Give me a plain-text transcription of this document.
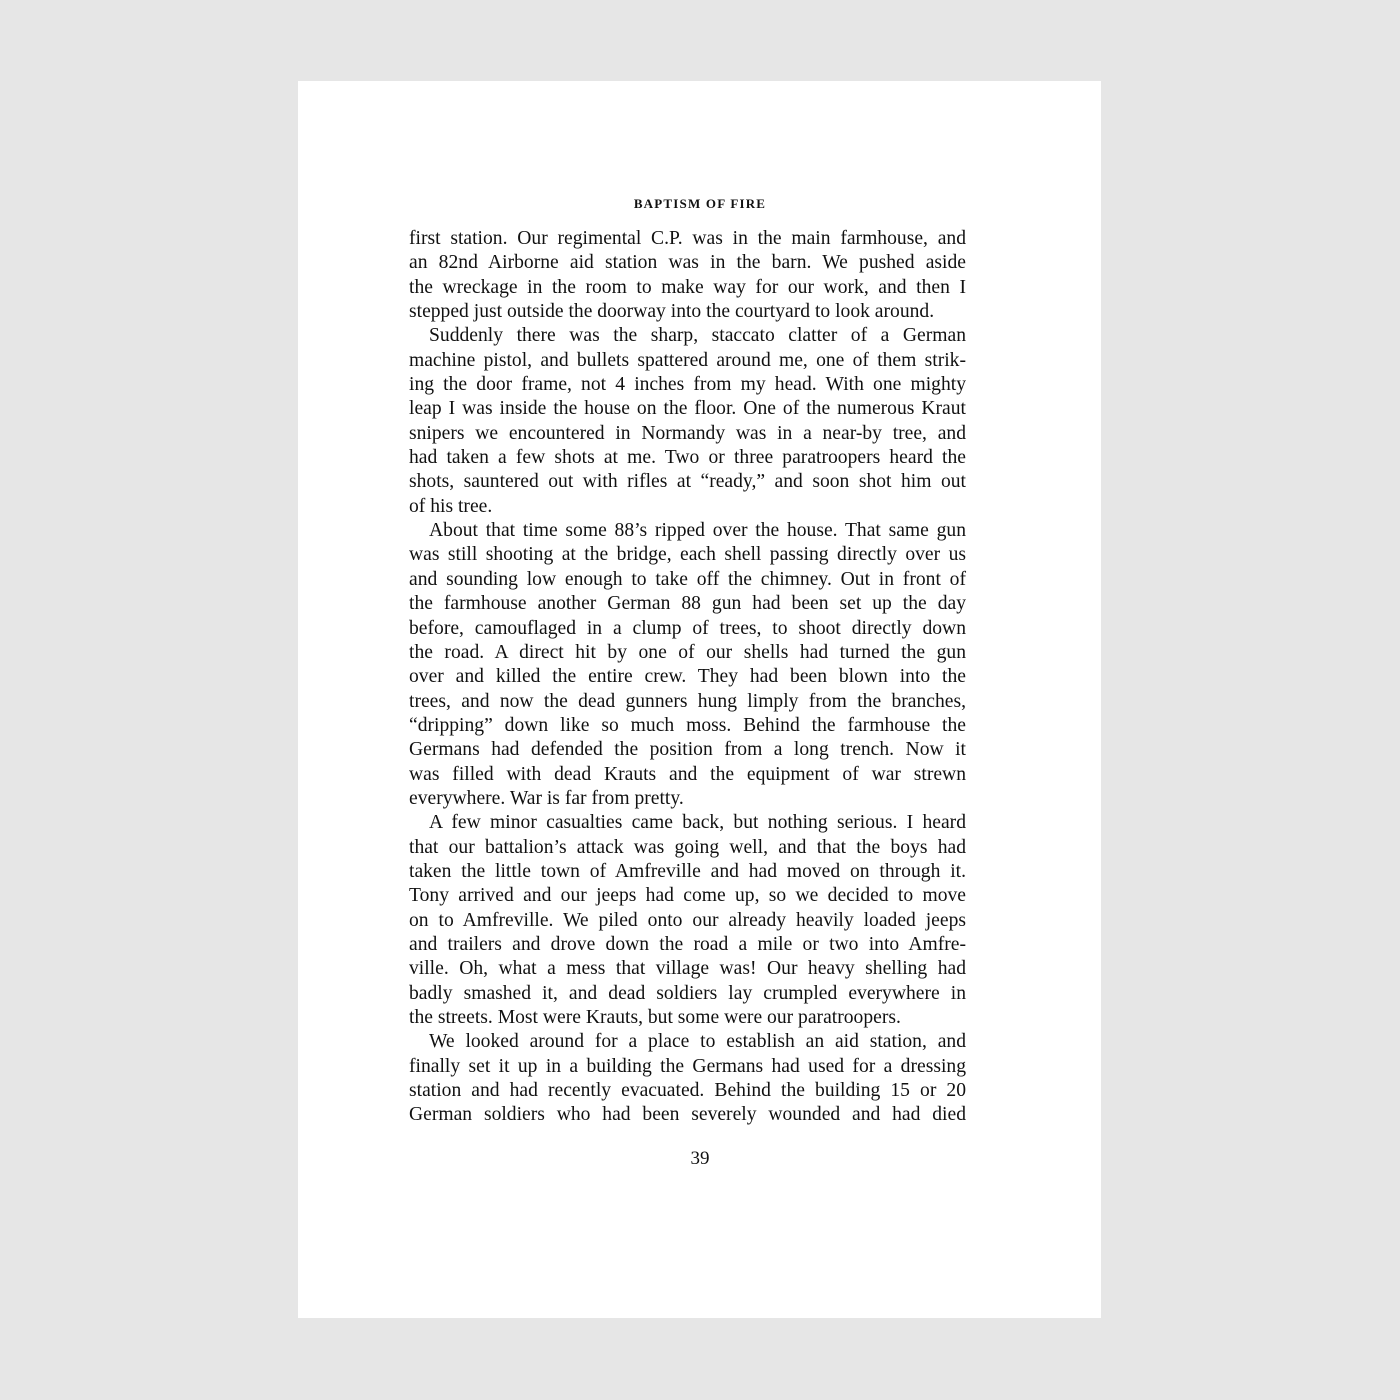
BAPTISM OF FIRE
first station. Our regimental C.P. was in the main farmhouse, and
an 82nd Airborne aid station was in the barn. We pushed aside
the wreckage in the room to make way for our work, and then I
stepped just outside the doorway into the courtyard to look around.
Suddenly there was the sharp, staccato clatter of a German
machine pistol, and bullets spattered around me, one of them strik-
ing the door frame, not 4 inches from my head. With one mighty
leap I was inside the house on the floor. One of the numerous Kraut
snipers we encountered in Normandy was in a near-by tree, and
had taken a few shots at me. Two or three paratroopers heard the
shots, sauntered out with rifles at “ready,” and soon shot him out
of his tree.
About that time some 88’s ripped over the house. That same gun
was still shooting at the bridge, each shell passing directly over us
and sounding low enough to take off the chimney. Out in front of
the farmhouse another German 88 gun had been set up the day
before, camouflaged in a clump of trees, to shoot directly down
the road. A direct hit by one of our shells had turned the gun
over and killed the entire crew. They had been blown into the
trees, and now the dead gunners hung limply from the branches,
“dripping” down like so much moss. Behind the farmhouse the
Germans had defended the position from a long trench. Now it
was filled with dead Krauts and the equipment of war strewn
everywhere. War is far from pretty.
A few minor casualties came back, but nothing serious. I heard
that our battalion’s attack was going well, and that the boys had
taken the little town of Amfreville and had moved on through it.
Tony arrived and our jeeps had come up, so we decided to move
on to Amfreville. We piled onto our already heavily loaded jeeps
and trailers and drove down the road a mile or two into Amfre-
ville. Oh, what a mess that village was! Our heavy shelling had
badly smashed it, and dead soldiers lay crumpled everywhere in
the streets. Most were Krauts, but some were our paratroopers.
We looked around for a place to establish an aid station, and
finally set it up in a building the Germans had used for a dressing
station and had recently evacuated. Behind the building 15 or 20
German soldiers who had been severely wounded and had died
39
